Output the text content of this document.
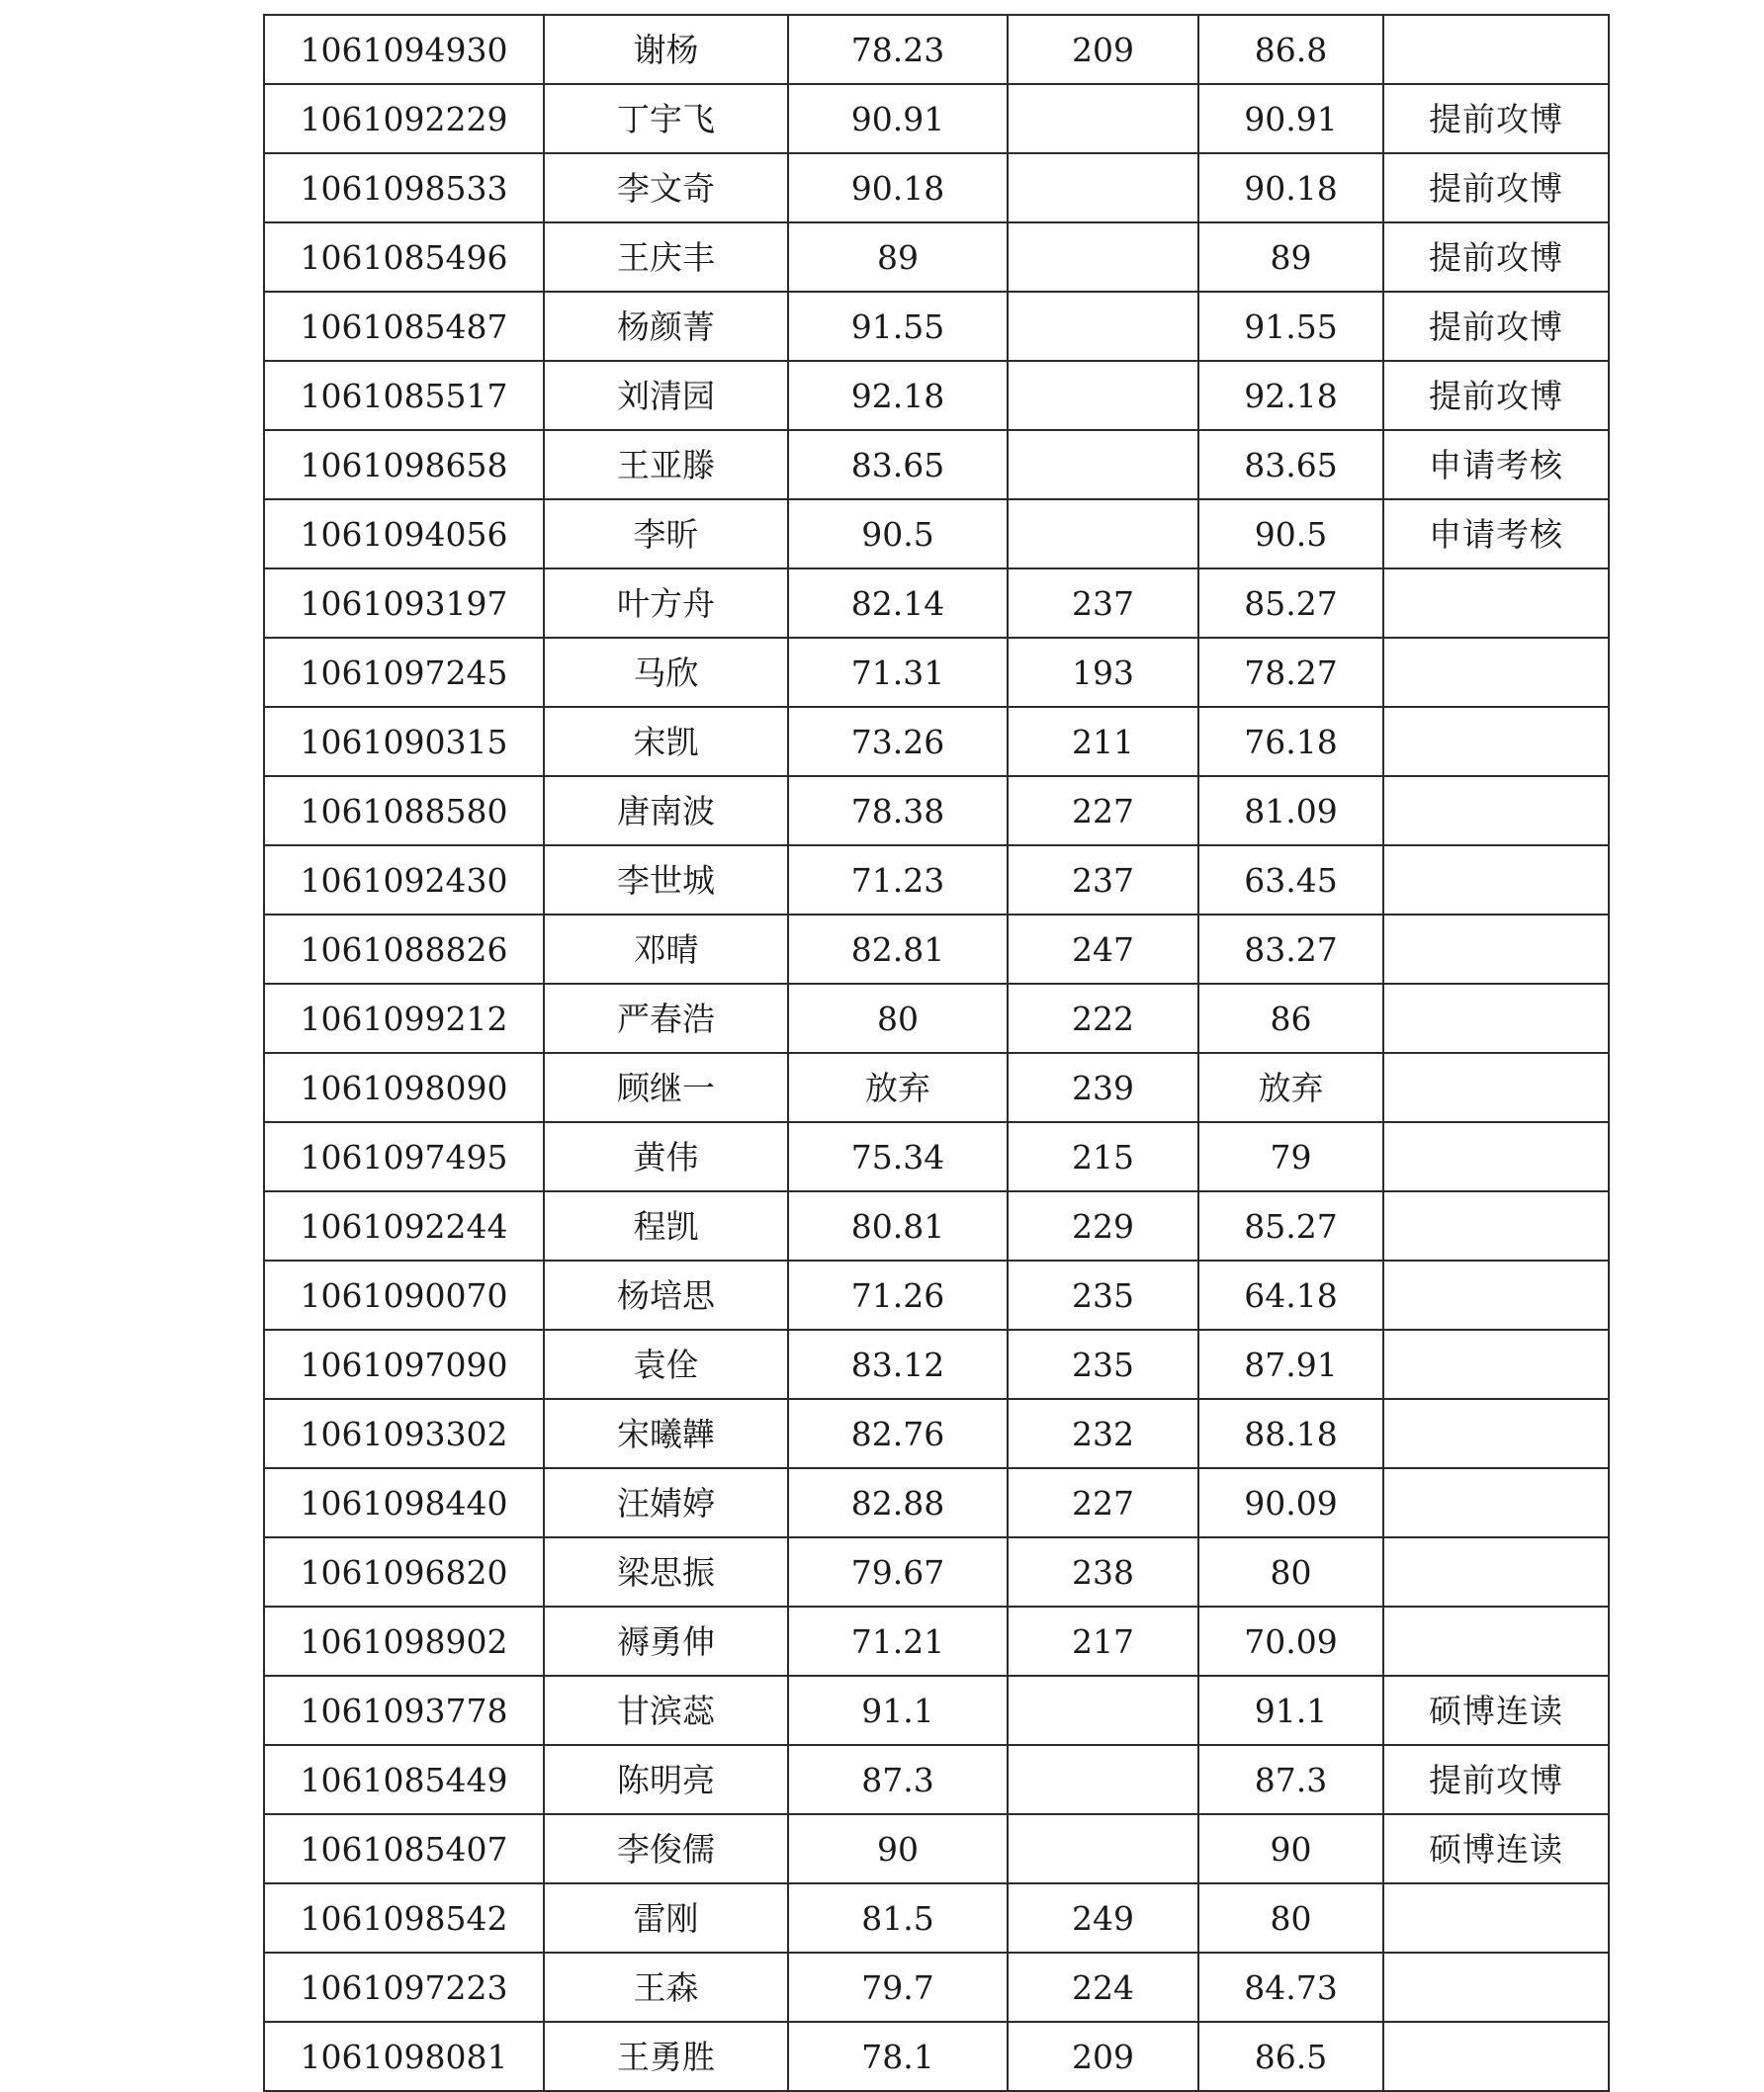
1061094930	谢杨	78.23	209	86.8	
1061092229	丁宇飞	90.91		90.91	提前攻博
1061098533	李文奇	90.18		90.18	提前攻博
1061085496	王庆丰	89		89	提前攻博
1061085487	杨颜菁	91.55		91.55	提前攻博
1061085517	刘清园	92.18		92.18	提前攻博
1061098658	王亚滕	83.65		83.65	申请考核
1061094056	李昕	90.5		90.5	申请考核
1061093197	叶方舟	82.14	237	85.27	
1061097245	马欣	71.31	193	78.27	
1061090315	宋凯	73.26	211	76.18	
1061088580	唐南波	78.38	227	81.09	
1061092430	李世城	71.23	237	63.45	
1061088826	邓晴	82.81	247	83.27	
1061099212	严春浩	80	222	86	
1061098090	顾继一	放弃	239	放弃	
1061097495	黄伟	75.34	215	79	
1061092244	程凯	80.81	229	85.27	
1061090070	杨培思	71.26	235	64.18	
1061097090	袁佺	83.12	235	87.91	
1061093302	宋曦韡	82.76	232	88.18	
1061098440	汪婧婷	82.88	227	90.09	
1061096820	梁思振	79.67	238	80	
1061098902	褥勇伸	71.21	217	70.09	
1061093778	甘滨蕊	91.1		91.1	硕博连读
1061085449	陈明亮	87.3		87.3	提前攻博
1061085407	李俊儒	90		90	硕博连读
1061098542	雷刚	81.5	249	80	
1061097223	王森	79.7	224	84.73	
1061098081	王勇胜	78.1	209	86.5	
